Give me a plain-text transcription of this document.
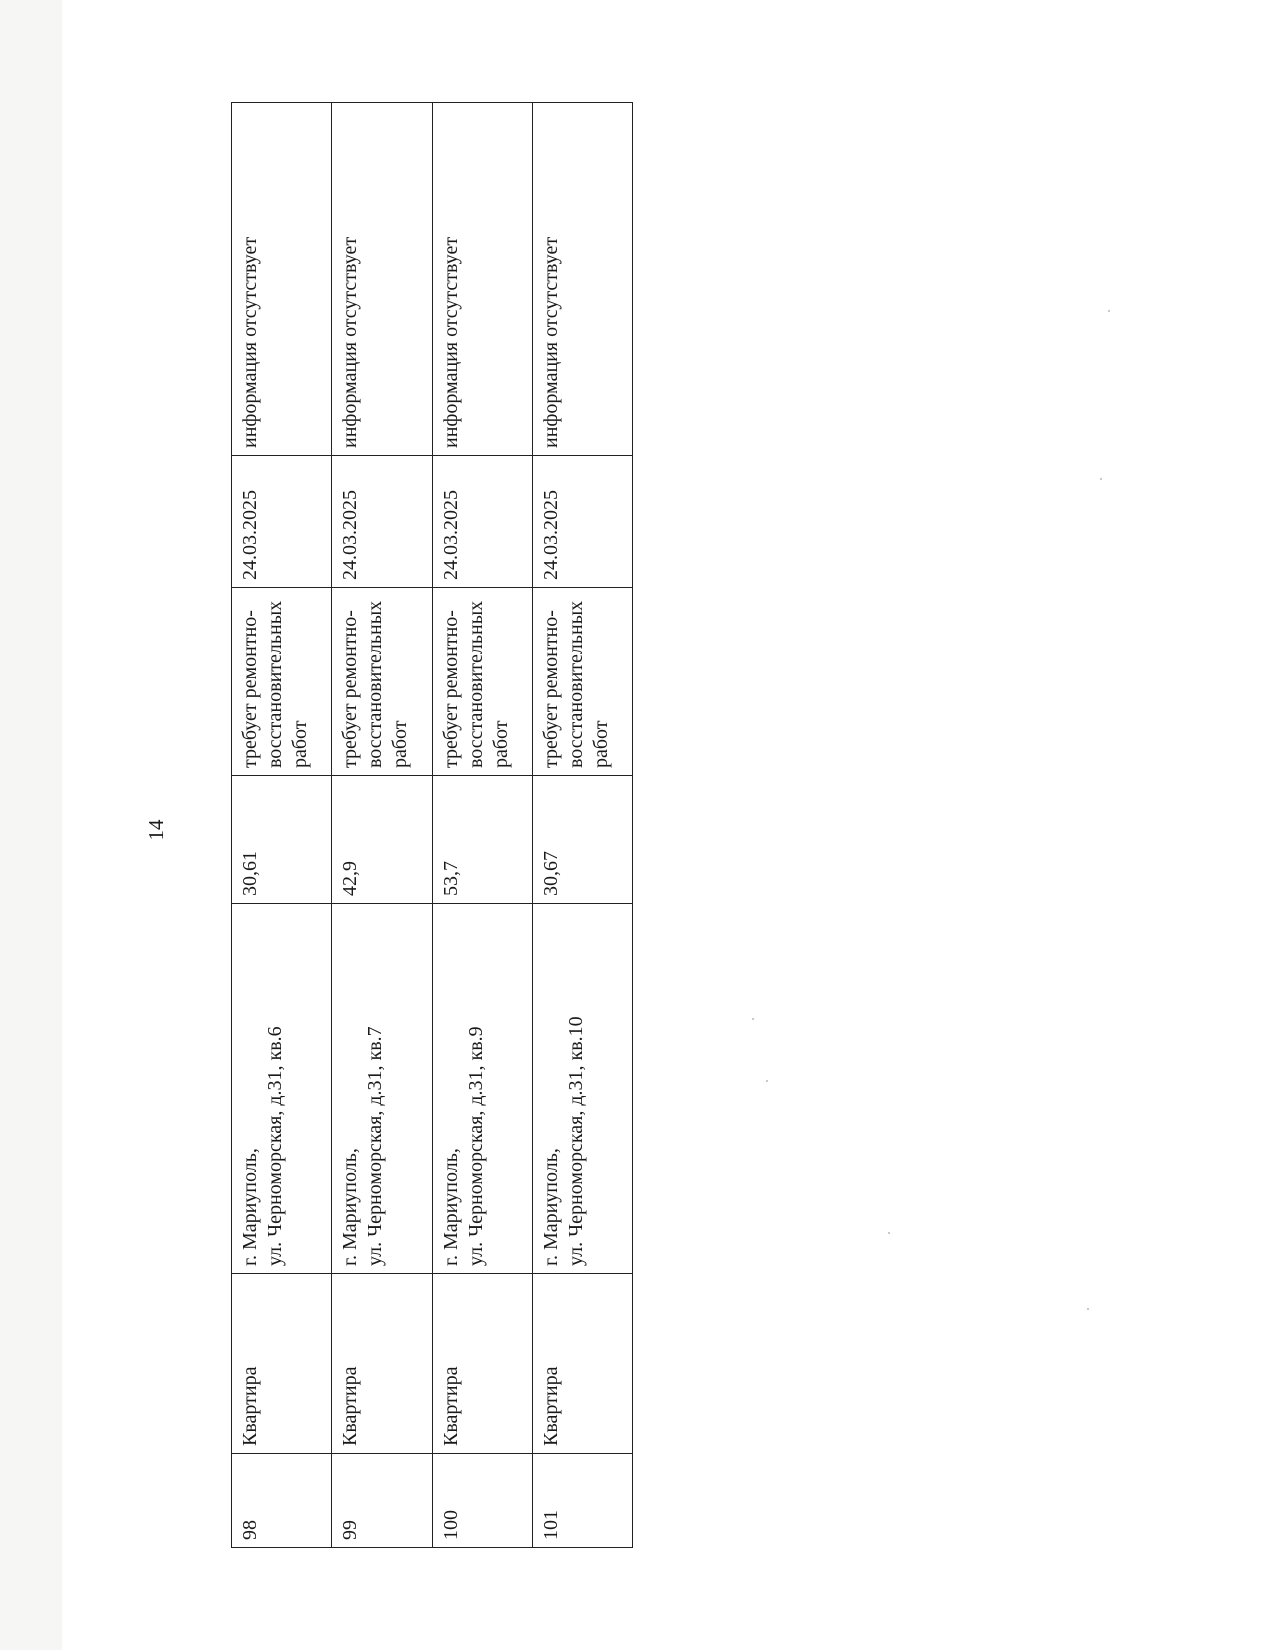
14
98	Квартира	г. Мариуполь, ул. Черноморская, д.31, кв.6	30,61	требует ремонтно- восстановительных работ	24.03.2025	информация отсутствует
99	Квартира	г. Мариуполь, ул. Черноморская, д.31, кв.7	42,9	требует ремонтно- восстановительных работ	24.03.2025	информация отсутствует
100	Квартира	г. Мариуполь, ул. Черноморская, д.31, кв.9	53,7	требует ремонтно- восстановительных работ	24.03.2025	информация отсутствует
101	Квартира	г. Мариуполь, ул. Черноморская, д.31, кв.10	30,67	требует ремонтно- восстановительных работ	24.03.2025	информация отсутствует
